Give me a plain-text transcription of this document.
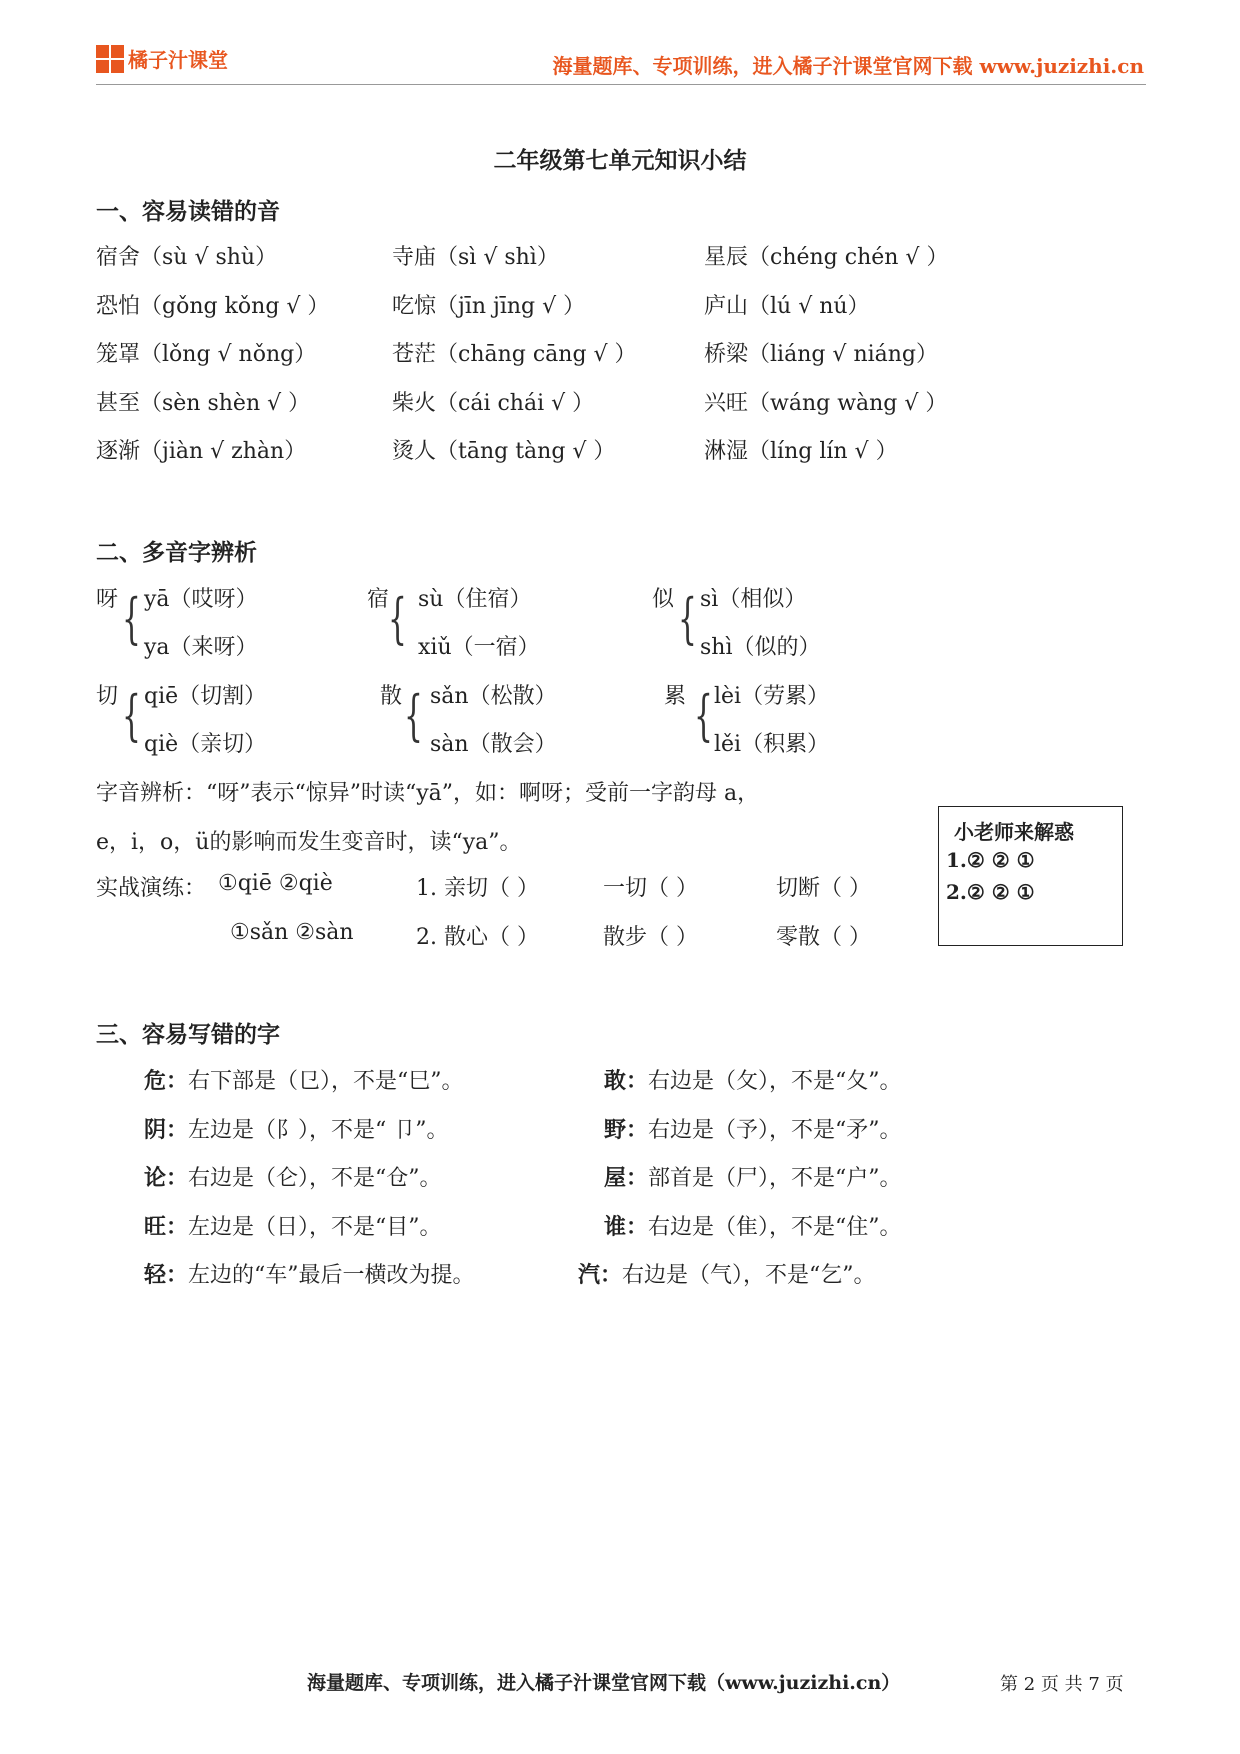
橘子汁课堂	海量题库、专项训练，进入橘子汁课堂官网下载 www.juzizhi.cn
二年级第七单元知识小结
一、容易读错的音
宿舍（sù √ shù）	寺庙（sì √ shì）	星辰（chéng chén √ ）
恐怕（gǒng kǒng √ ）	吃惊（jīn jīng √ ）	庐山（lú √ nú）
笼罩（lǒng √ nǒng）	苍茫（chāng cāng √ ）	桥梁（liáng √ niáng）
甚至（sèn shèn √ ）	柴火（cái chái √ ）	兴旺（wáng wàng √ ）
逐渐（jiàn √ zhàn）	烫人（tāng tàng √ ）	淋湿（líng lín √ ）
二、多音字辨析
呀 { yā（哎呀）
ya（来呀）
宿
{ sù（住宿）
xiǔ（一宿）
似 { sì（相似）
shì（似的）
切 { qiē（切割）
qiè（亲切）
散 { sǎn（松散）
sàn（散会）
累 { lèi（劳累）
lěi（积累）
字音辨析：“呀”表示“惊异”时读“yā”，如：啊呀；受前一字韵母 a，
e，i，o，ü的影响而发生变音时，读“ya”。
实战演练： ①qiē ②qiè	1. 亲切（ ）	一切（ ）	切断（ ）
①sǎn ②sàn	2. 散心（ ）	散步（ ）	零散（ ）
小老师来解惑
1.② ② ①
2.② ② ①
三、容易写错的字
危：右下部是（㔾），不是“巳”。	敢：右边是（攵），不是“夂”。
阴：左边是（阝），不是“ 卩”。	野：右边是（予），不是“矛”。
论：右边是（仑），不是“仓”。	屋：部首是（尸），不是“户”。
旺：左边是（日），不是“目”。	谁：右边是（隹），不是“住”。
轻：左边的“车”最后一横改为提。	汽：右边是（气），不是“乞”。
海量题库、专项训练，进入橘子汁课堂官网下载（www.juzizhi.cn）	第 2 页 共 7 页
